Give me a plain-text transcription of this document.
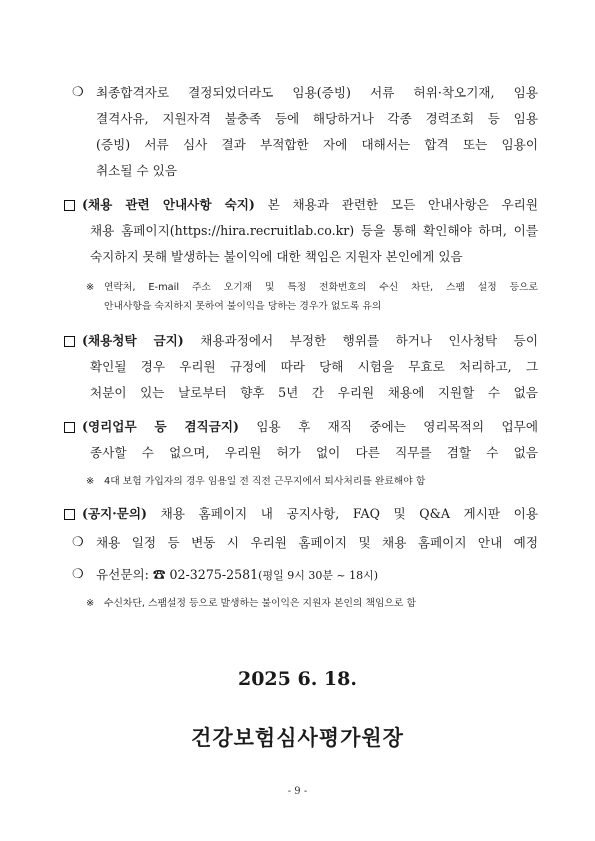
❍ 최종합격자로 결정되었더라도 임용(증빙) 서류 허위·착오기재, 임용
결격사유, 지원자격 불충족 등에 해당하거나 각종 경력조회 등 임용
(증빙) 서류 심사 결과 부적합한 자에 대해서는 합격 또는 임용이
취소될 수 있음
(채용 관련 안내사항 숙지) 본 채용과 관련한 모든 안내사항은 우리원
채용 홈페이지(https://hira.recruitlab.co.kr) 등을 통해 확인해야 하며, 이를
숙지하지 못해 발생하는 불이익에 대한 책임은 지원자 본인에게 있음
※ 연락처, E-mail 주소 오기재 및 특정 전화번호의 수신 차단, 스팸 설정 등으로
안내사항을 숙지하지 못하여 불이익을 당하는 경우가 없도록 유의
(채용청탁 금지) 채용과정에서 부정한 행위를 하거나 인사청탁 등이
확인될 경우 우리원 규정에 따라 당해 시험을 무효로 처리하고, 그
처분이 있는 날로부터 향후 5년 간 우리원 채용에 지원할 수 없음
(영리업무 등 겸직금지) 임용 후 재직 중에는 영리목적의 업무에
종사할 수 없으며, 우리원 허가 없이 다른 직무를 겸할 수 없음
※ 4대 보험 가입자의 경우 임용일 전 직전 근무지에서 퇴사처리를 완료해야 함
(공지·문의) 채용 홈페이지 내 공지사항, FAQ 및 Q&A 게시판 이용
❍ 채용 일정 등 변동 시 우리원 홈페이지 및 채용 홈페이지 안내 예정
❍ 유선문의: ☎ 02-3275-2581(평일 9시 30분 ~ 18시)
※ 수신차단, 스팸설정 등으로 발생하는 불이익은 지원자 본인의 책임으로 함
2025 6. 18.
건강보험심사평가원장
- 9 -
